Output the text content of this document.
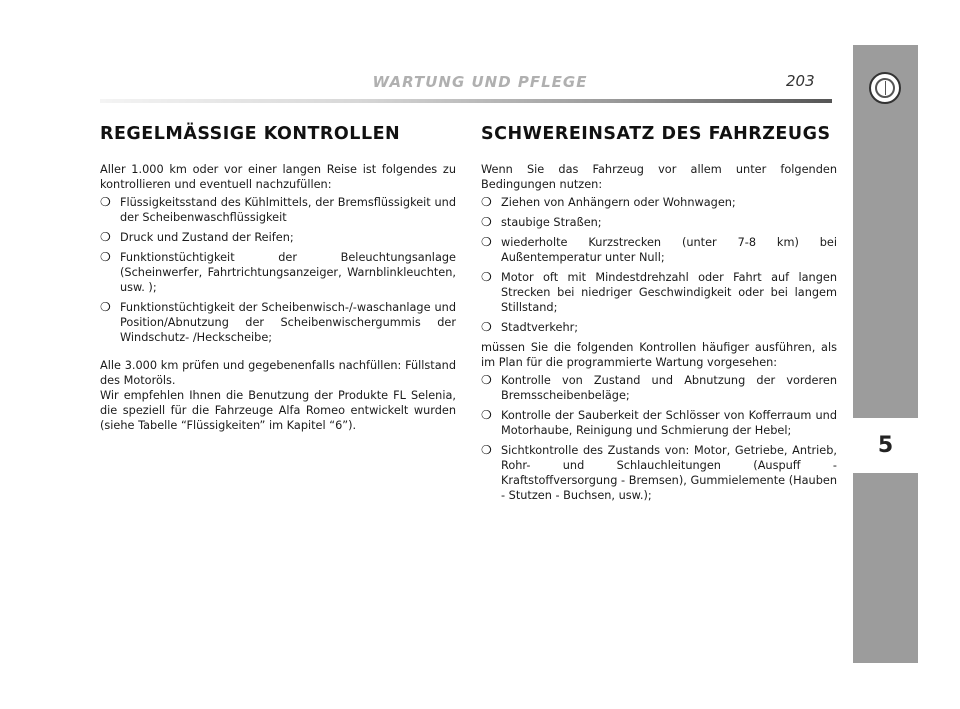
WARTUNG UND PFLEGE	203
5
REGELMÄSSIGE KONTROLLEN

Aller 1.000 km oder vor einer langen Reise ist folgendes zu kontrollieren und eventuell nachzufüllen:

❍ Flüssigkeitsstand des Kühlmittels, der Bremsflüssigkeit und der Scheibenwaschflüssigkeit
❍ Druck und Zustand der Reifen;
❍ Funktionstüchtigkeit der Beleuchtungsanlage (Scheinwerfer, Fahrtrichtungsanzeiger, Warnblinkleuchten, usw. );
❍ Funktionstüchtigkeit der Scheibenwisch-/-waschanlage und Position/Abnutzung der Scheibenwischergummis der Windschutz- /Heckscheibe;

Alle 3.000 km prüfen und gegebenenfalls nachfüllen: Füllstand des Motoröls.

Wir empfehlen Ihnen die Benutzung der Produkte FL Selenia, die speziell für die Fahrzeuge Alfa Romeo entwickelt wurden (siehe Tabelle “Flüssigkeiten” im Kapitel “6”).

SCHWEREINSATZ DES FAHRZEUGS

Wenn Sie das Fahrzeug vor allem unter folgenden Bedingungen nutzen:

❍ Ziehen von Anhängern oder Wohnwagen;
❍ staubige Straßen;
❍ wiederholte Kurzstrecken (unter 7-8 km) bei Außentemperatur unter Null;
❍ Motor oft mit Mindestdrehzahl oder Fahrt auf langen Strecken bei niedriger Geschwindigkeit oder bei langem Stillstand;
❍ Stadtverkehr;

müssen Sie die folgenden Kontrollen häufiger ausführen, als im Plan für die programmierte Wartung vorgesehen:

❍ Kontrolle von Zustand und Abnutzung der vorderen Bremsscheibenbeläge;
❍ Kontrolle der Sauberkeit der Schlösser von Kofferraum und Motorhaube, Reinigung und Schmierung der Hebel;
❍ Sichtkontrolle des Zustands von: Motor, Getriebe, Antrieb, Rohr- und Schlauchleitungen (Auspuff - Kraftstoffversorgung - Bremsen), Gummielemente (Hauben - Stutzen - Buchsen, usw.);
